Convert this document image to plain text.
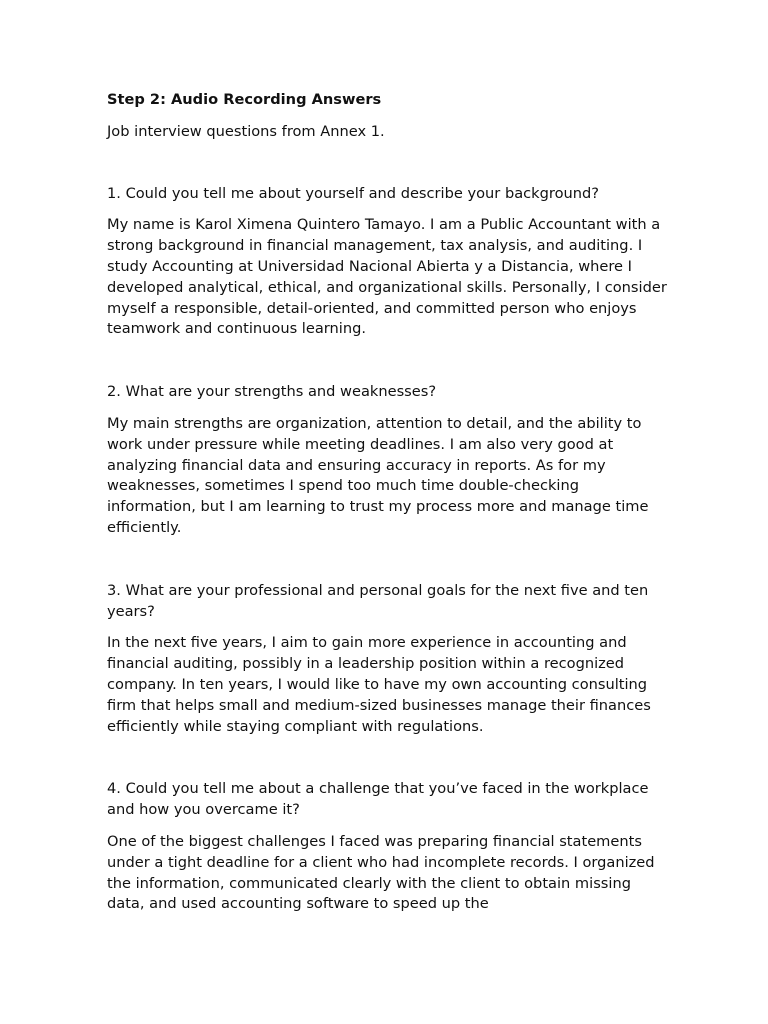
Step 2: Audio Recording Answers

Job interview questions from Annex 1.

1. Could you tell me about yourself and describe your background?

My name is Karol Ximena Quintero Tamayo. I am a Public Accountant with a strong background in financial management, tax analysis, and auditing. I study Accounting at Universidad Nacional Abierta y a Distancia, where I developed analytical, ethical, and organizational skills. Personally, I consider myself a responsible, detail-oriented, and committed person who enjoys teamwork and continuous learning.

2. What are your strengths and weaknesses?

My main strengths are organization, attention to detail, and the ability to work under pressure while meeting deadlines. I am also very good at analyzing financial data and ensuring accuracy in reports. As for my weaknesses, sometimes I spend too much time double-checking information, but I am learning to trust my process more and manage time efficiently.

3. What are your professional and personal goals for the next five and ten years?

In the next five years, I aim to gain more experience in accounting and financial auditing, possibly in a leadership position within a recognized company. In ten years, I would like to have my own accounting consulting firm that helps small and medium-sized businesses manage their finances efficiently while staying compliant with regulations.

4. Could you tell me about a challenge that you’ve faced in the workplace and how you overcame it?

One of the biggest challenges I faced was preparing financial statements under a tight deadline for a client who had incomplete records. I organized the information, communicated clearly with the client to obtain missing data, and used accounting software to speed up the
